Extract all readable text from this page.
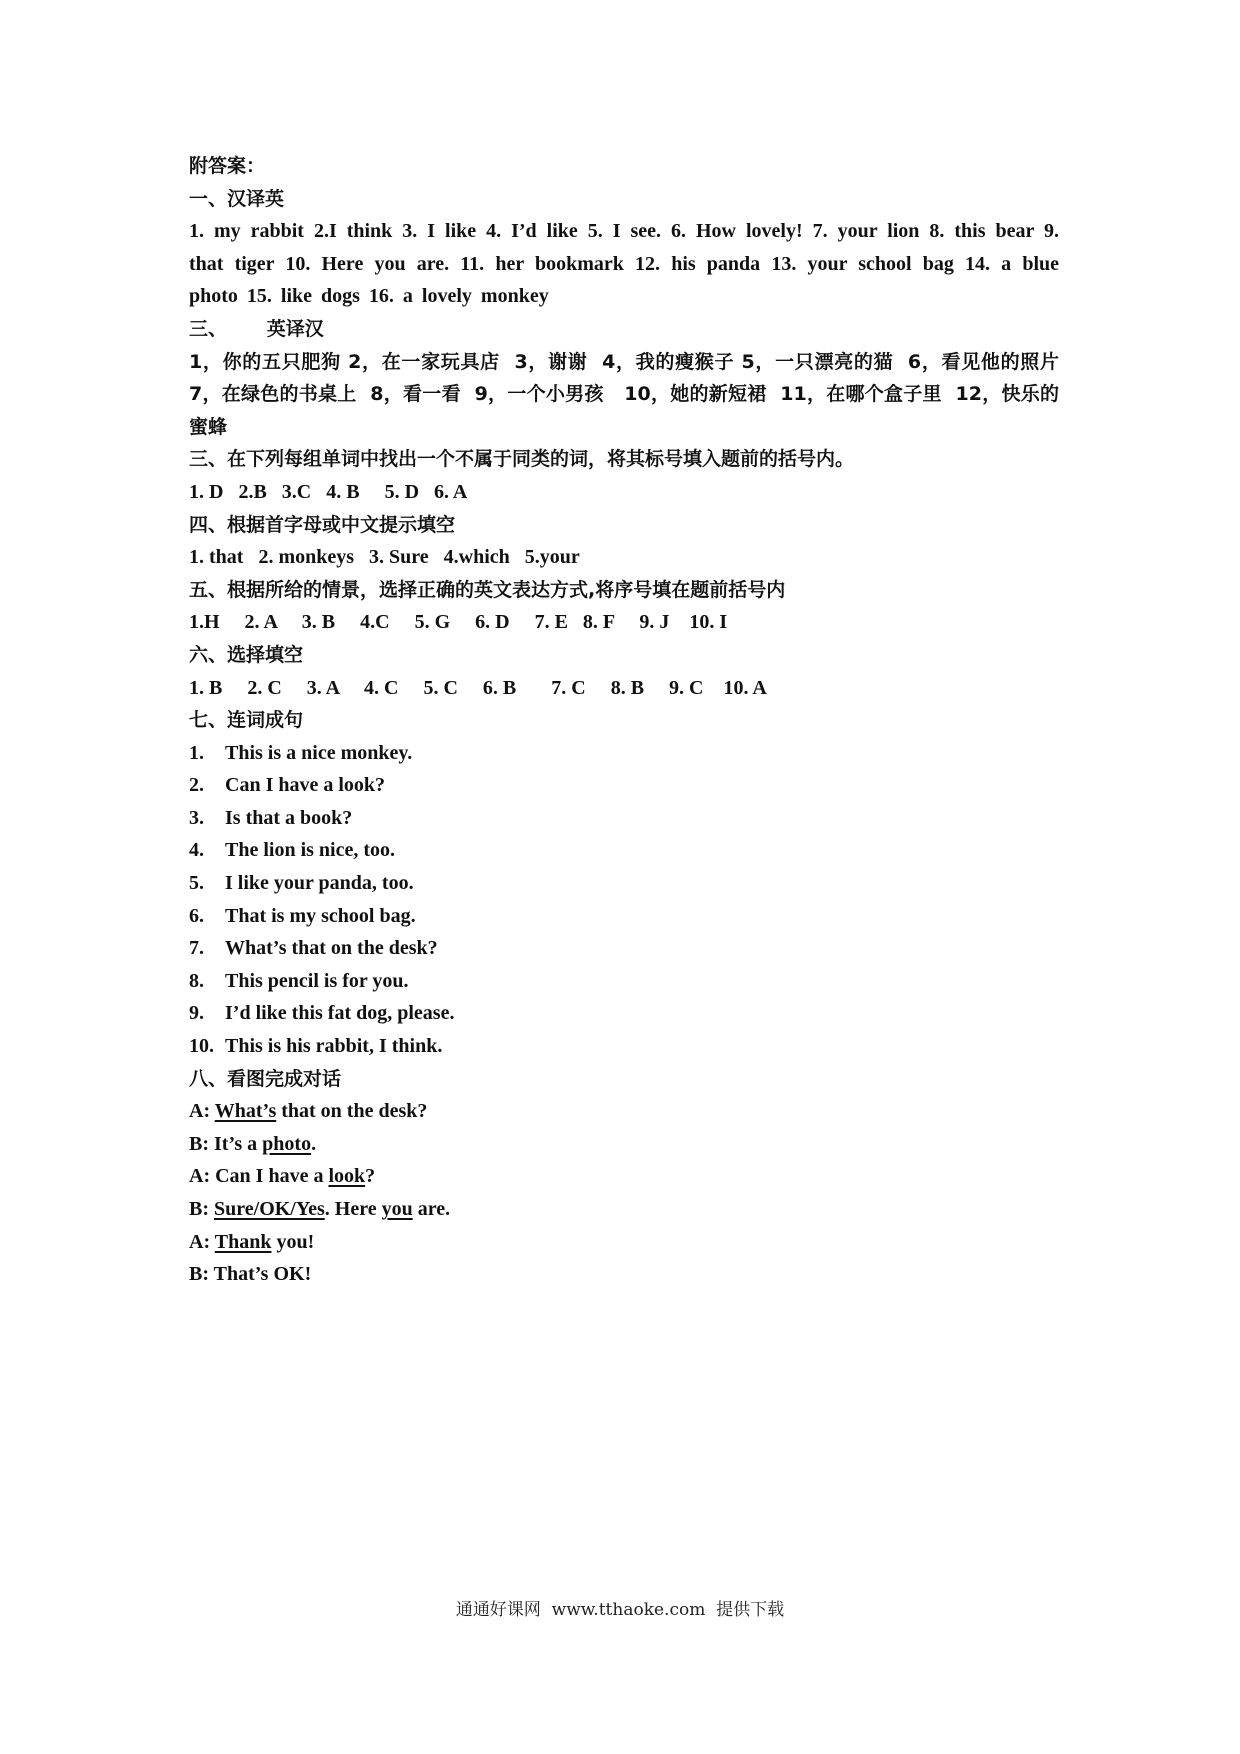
附答案：
一、汉译英
1. my rabbit 2.I think 3. I like 4. I’d like 5. I see. 6. How lovely! 7. your lion 8. this bear 9. that tiger 10. Here you are. 11. her bookmark 12. his panda 13. your school bag 14. a blue photo 15. like dogs 16. a lovely monkey
三、      英译汉
1，你的五只肥狗 2，在一家玩具店  3，谢谢  4，我的瘦猴子 5，一只漂亮的猫  6，看见他的照片 7，在绿色的书桌上  8，看一看  9，一个小男孩   10，她的新短裙  11，在哪个盒子里  12，快乐的蜜蜂
三、在下列每组单词中找出一个不属于同类的词，将其标号填入题前的括号内。
1. D   2.B   3.C   4. B     5. D   6. A
四、根据首字母或中文提示填空
1. that   2. monkeys   3. Sure   4.which   5.your
五、根据所给的情景，选择正确的英文表达方式,将序号填在题前括号内
1.H     2. A     3. B     4.C     5. G     6. D     7. E   8. F     9. J    10. I
六、选择填空
1. B     2. C     3. A     4. C     5. C     6. B       7. C     8. B     9. C    10. A
七、连词成句
1. This is a nice monkey.
2. Can I have a look?
3. Is that a book?
4. The lion is nice, too.
5. I like your panda, too.
6. That is my school bag.
7. What’s that on the desk?
8. This pencil is for you.
9. I’d like this fat dog, please.
10. This is his rabbit, I think.
八、看图完成对话
A: What’s that on the desk?
B: It’s a photo.
A: Can I have a look?
B: Sure/OK/Yes. Here you are.
A: Thank you!
B: That’s OK!
通通好课网  www.tthaoke.com  提供下载
